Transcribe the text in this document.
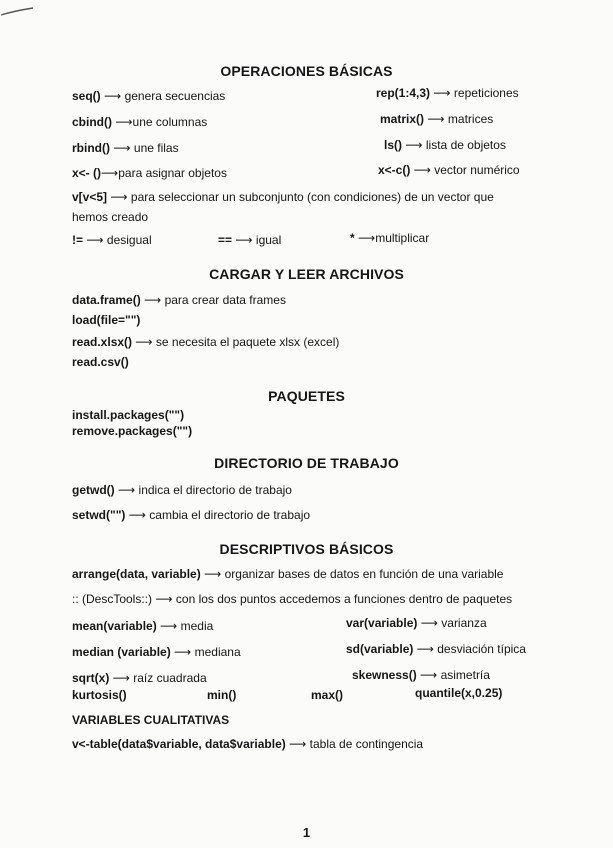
OPERACIONES BÁSICAS
seq() ⟶ genera secuencias	rep(1:4,3) ⟶ repeticiones
cbind() ⟶une columnas	matrix() ⟶ matrices
rbind() ⟶ une filas	ls() ⟶ lista de objetos
x<- ()⟶para asignar objetos	x<-c() ⟶ vector numérico
v[v<5] ⟶ para seleccionar un subconjunto (con condiciones) de un vector que
hemos creado
!= ⟶ desigual	== ⟶ igual	* ⟶multiplicar
CARGAR Y LEER ARCHIVOS
data.frame() ⟶ para crear data frames
load(file="")
read.xlsx() ⟶ se necesita el paquete xlsx (excel)
read.csv()
PAQUETES
install.packages("")
remove.packages("")
DIRECTORIO DE TRABAJO
getwd() ⟶ indica el directorio de trabajo
setwd("") ⟶ cambia el directorio de trabajo
DESCRIPTIVOS BÁSICOS
arrange(data, variable) ⟶ organizar bases de datos en función de una variable
:: (DescTools::) ⟶ con los dos puntos accedemos a funciones dentro de paquetes
mean(variable) ⟶ media	var(variable) ⟶ varianza
median (variable) ⟶ mediana	sd(variable) ⟶ desviación típica
sqrt(x) ⟶ raíz cuadrada	skewness() ⟶ asimetría
kurtosis()	min()	max()	quantile(x,0.25)
VARIABLES CUALITATIVAS
v<-table(data$variable, data$variable) ⟶ tabla de contingencia
1
